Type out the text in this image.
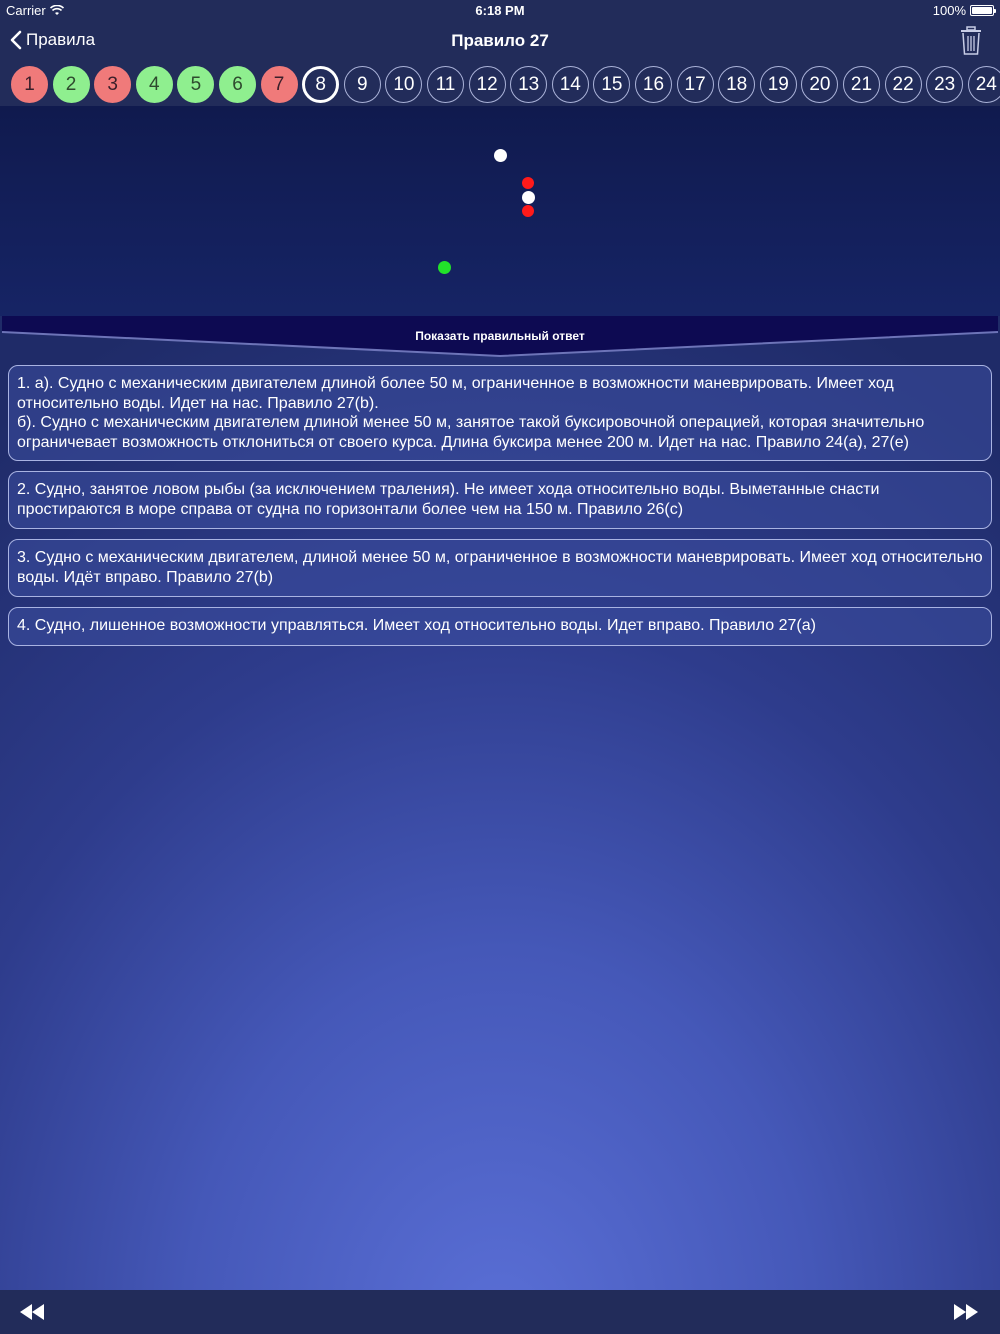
Carrier	6:18 PM	100%
Правила	Правило 27
1	2	3	4	5	6	7	8	9	10	11	12	13	14	15	16	17	18	19	20	21	22	23	24
Показать правильный ответ

1. а). Судно с механическим двигателем длиной более 50 м, ограниченное в возможности маневрировать. Имеет ход относительно воды. Идет на нас. Правило 27(b).

б). Судно с механическим двигателем длиной менее 50 м, занятое такой буксировочной операцией, которая значительно ограничевает возможность отклониться от своего курса. Длина буксира менее 200 м. Идет на нас. Правило 24(а), 27(е)

2. Судно, занятое ловом рыбы (за исключением траления). Не имеет хода относительно воды. Выметанные снасти простираются в море справа от судна по горизонтали более чем на 150 м. Правило 26(с)

3. Судно с механическим двигателем, длиной менее 50 м, ограниченное в возможности маневрировать. Имеет ход относительно воды. Идёт вправо. Правило 27(b)

4. Судно, лишенное возможности управляться. Имеет ход относительно воды. Идет вправо. Правило 27(а)
